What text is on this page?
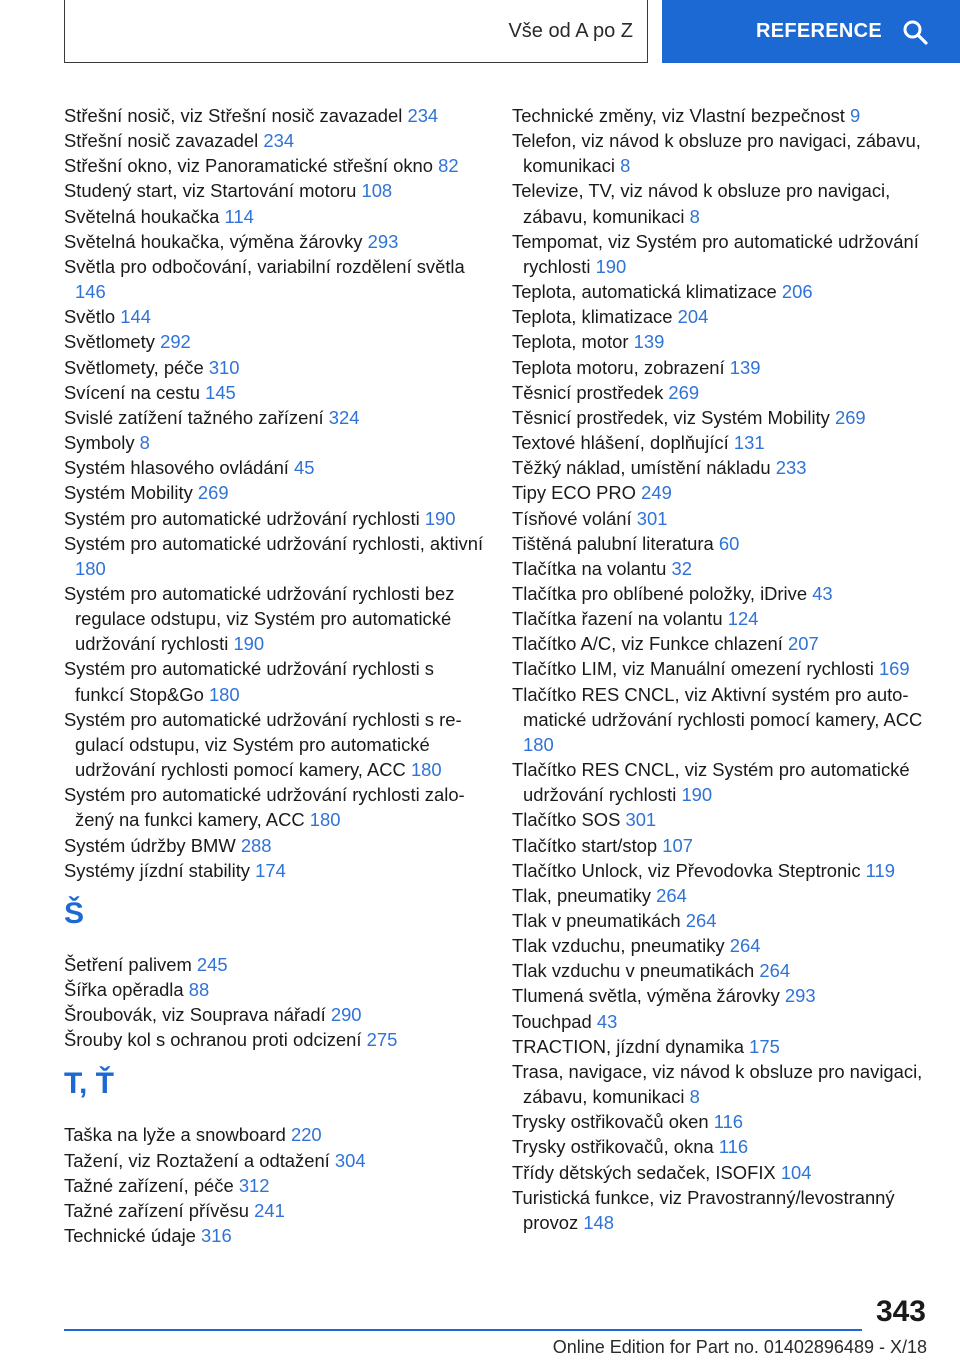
Vše od A po Z	REFERENCE

Střešní nosič, viz Střešní nosič zavazadel 234

Střešní nosič zavazadel 234

Střešní okno, viz Panoramatické střešní okno 82

Studený start, viz Startování motoru 108

Světelná houkačka 114

Světelná houkačka, výměna žárovky 293

Světla pro odbočování, variabilní rozdělení světla 146

Světlo 144

Světlomety 292

Světlomety, péče 310

Svícení na cestu 145

Svislé zatížení tažného zařízení 324

Symboly 8

Systém hlasového ovládání 45

Systém Mobility 269

Systém pro automatické udržování rychlosti 190

Systém pro automatické udržování rychlosti, aktivní 180

Systém pro automatické udržování rychlosti bez regulace odstupu, viz Systém pro automatické udržování rychlosti 190

Systém pro automatické udržování rychlosti s funkcí Stop&Go 180

Systém pro automatické udržování rychlosti s regulací odstupu, viz Systém pro automatické udržování rychlosti pomocí kamery, ACC 180

Systém pro automatické udržování rychlosti založený na funkci kamery, ACC 180

Systém údržby BMW 288

Systémy jízdní stability 174

Š

Šetření palivem 245

Šířka opěradla 88

Šroubovák, viz Souprava nářadí 290

Šrouby kol s ochranou proti odcizení 275

T, Ť

Taška na lyže a snowboard 220

Tažení, viz Roztažení a odtažení 304

Tažné zařízení, péče 312

Tažné zařízení přívěsu 241

Technické údaje 316

Technické změny, viz Vlastní bezpečnost 9

Telefon, viz návod k obsluze pro navigaci, zábavu, komunikaci 8

Televize, TV, viz návod k obsluze pro navigaci, zábavu, komunikaci 8

Tempomat, viz Systém pro automatické udržování rychlosti 190

Teplota, automatická klimatizace 206

Teplota, klimatizace 204

Teplota, motor 139

Teplota motoru, zobrazení 139

Těsnicí prostředek 269

Těsnicí prostředek, viz Systém Mobility 269

Textové hlášení, doplňující 131

Těžký náklad, umístění nákladu 233

Tipy ECO PRO 249

Tísňové volání 301

Tištěná palubní literatura 60

Tlačítka na volantu 32

Tlačítka pro oblíbené položky, iDrive 43

Tlačítka řazení na volantu 124

Tlačítko A/C, viz Funkce chlazení 207

Tlačítko LIM, viz Manuální omezení rychlosti 169

Tlačítko RES CNCL, viz Aktivní systém pro automatické udržování rychlosti pomocí kamery, ACC 180

Tlačítko RES CNCL, viz Systém pro automatické udržování rychlosti 190

Tlačítko SOS 301

Tlačítko start/stop 107

Tlačítko Unlock, viz Převodovka Steptronic 119

Tlak, pneumatiky 264

Tlak v pneumatikách 264

Tlak vzduchu, pneumatiky 264

Tlak vzduchu v pneumatikách 264

Tlumená světla, výměna žárovky 293

Touchpad 43

TRACTION, jízdní dynamika 175

Trasa, navigace, viz návod k obsluze pro navigaci, zábavu, komunikaci 8

Trysky ostřikovačů oken 116

Trysky ostřikovačů, okna 116

Třídy dětských sedaček, ISOFIX 104

Turistická funkce, viz Pravostranný/levostranný provoz 148

343
Online Edition for Part no. 01402896489 - X/18
